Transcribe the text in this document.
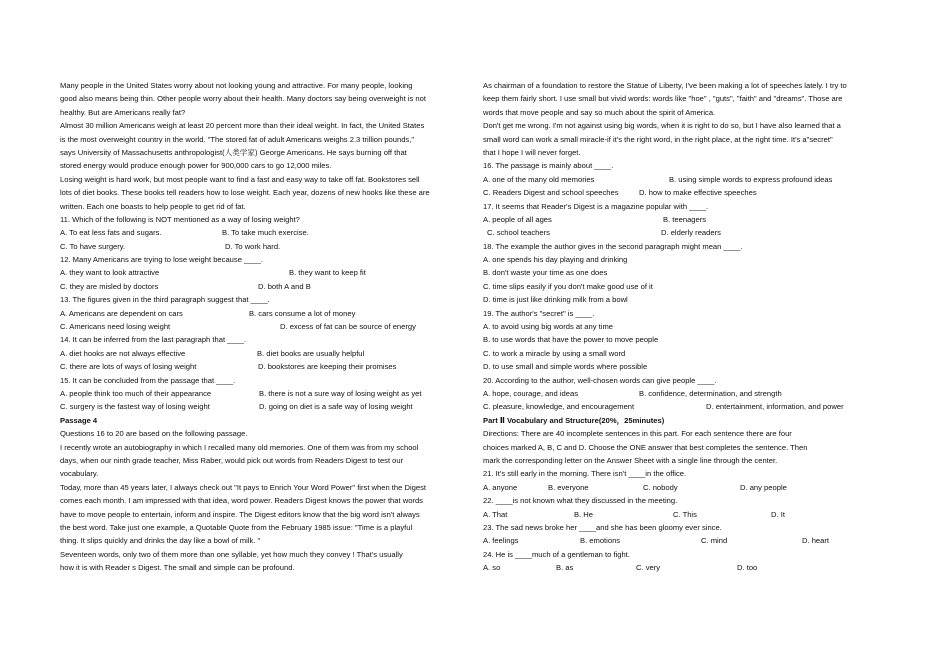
Many people in the United States worry about not looking young and attractive. For many people, looking
good also means being thin. Other people worry about their health. Many doctors say being overweight is not
healthy. But are Americans really fat?
Almost 30 million Americans weigh at least 20 percent more than their ideal weight. In fact, the United States
is the most overweight country in the world. "The stored fat of adult Americans weighs 2.3 trillion pounds,"
says University of Massachusetts anthropologist(人类学家) George Americans. He says burning off that
stored energy would produce enough power for 900,000 cars to go 12,000 miles.
Losing weight is hard work, but most people want to find a fast and easy way to take off fat. Bookstores sell
lots of diet books. These books tell readers how to lose weight. Each year, dozens of new hooks like these are
written. Each one boasts to help people to get rid of fat.
11. Which of the following is NOT mentioned as a way of losing weight?
A. To eat less fats and sugars.	B. To take much exercise.
C. To have surgery.	D. To work hard.
12. Many Americans are trying to lose weight because ____.
A. they want to look attractive	B. they want to keep fit
C. they are misled by doctors	D. both A and B
13. The figures given in the third paragraph suggest that ____.
A. Americans are dependent on cars	B. cars consume a lot of money
C. Americans need losing weight	D. excess of fat can be source of energy
14. It can be inferred from the last paragraph that ____.
A. diet hooks are not always effective	B. diet books are usually helpful
C. there are lots of ways of losing weight	D. bookstores are keeping their promises
15. It can be concluded from the passage that ____.
A. people think too much of their appearance	B. there is not a sure way of losing weight as yet
C. surgery is the fastest way of losing weight	D. going on diet is a safe way of losing weight
Passage 4
Questions 16 to 20 are based on the following passage.
I recently wrote an autobiography in which I recalled many old memories. One of them was from my school
days, when our ninth grade teacher, Miss Raber, would pick out words from Readers Digest to test our
vocabulary.
Today, more than 45 years later, I always check out "It pays to Enrich Your Word Power" first when the Digest
comes each month. I am impressed with that idea, word power. Readers Digest knows the power that words
have to move people to entertain, inform and inspire. The Digest editors know that the big word isn't always
the best word. Take just one example, a Quotable Quote from the February 1985 issue: "Time is a playful
thing. It slips quickly and drinks the day like a bowl of milk. "
Seventeen words, only two of them more than one syllable, yet how much they convey ! That's usually
how it is with Reader s Digest. The small and simple can be profound.
As chairman of a foundation to restore the Statue of Liberty, I've been making a lot of speeches lately. I try to
keep them fairly short. I use small but vivid words: words like "hoe" , "guts", "faith" and "dreams". Those are
words that move people and say so much about the spirit of America.
Don't get me wrong. I'm not against using big words, when it is right to do so, but I have also learned that a
small word can work a small miracle-if it's the right word, in the right place, at the right time. It's a"secret"
that I hope I will never forget.
16. The passage is mainly about ____.
A. one of the many old memories	B. using simple words to express profound ideas
C. Readers Digest and school speeches	D. how to make effective speeches
17. It seems that Reader's Digest is a magazine popular with ____.
A. people of all ages	B. teenagers
C. school teachers	D. elderly readers
18. The example the author gives in the second paragraph might mean ____.
A. one spends his day playing and drinking
B. don't waste your time as one does
C. time slips easily if you don't make good use of it
D. time is just like drinking milk from a bowl
19. The author's "secret" is ____.
A. to avoid using big words at any time
B. to use words that have the power to move people
C. to work a miracle by using a small word
D. to use small and simple words where possible
20. According to the author, well-chosen words can give people ____.
A. hope, courage, and ideas	B. confidence, determination, and strength
C. pleasure, knowledge, and encouragement	D. entertainment, information, and power
Part Ⅱ Vocabulary and Structure(20%，25minutes)
Directions: There are 40 incomplete sentences in this part. For each sentence there are four
choices marked A, B, C and D. Choose the ONE answer that best completes the sentence. Then
mark the corresponding letter on the Answer Sheet with a single line through the center.
21. It's still early in the morning. There isn't ____in the office.
A. anyone	B. everyone	C. nobody	D. any people
22. ____is not known what they discussed in the meeting.
A. That	B. He	C. This	D. It
23. The sad news broke her ____and she has been gloomy ever since.
A. feelings	B. emotions	C. mind	D. heart
24. He is ____much of a gentleman to fight.
A. so	B. as	C. very	D. too
